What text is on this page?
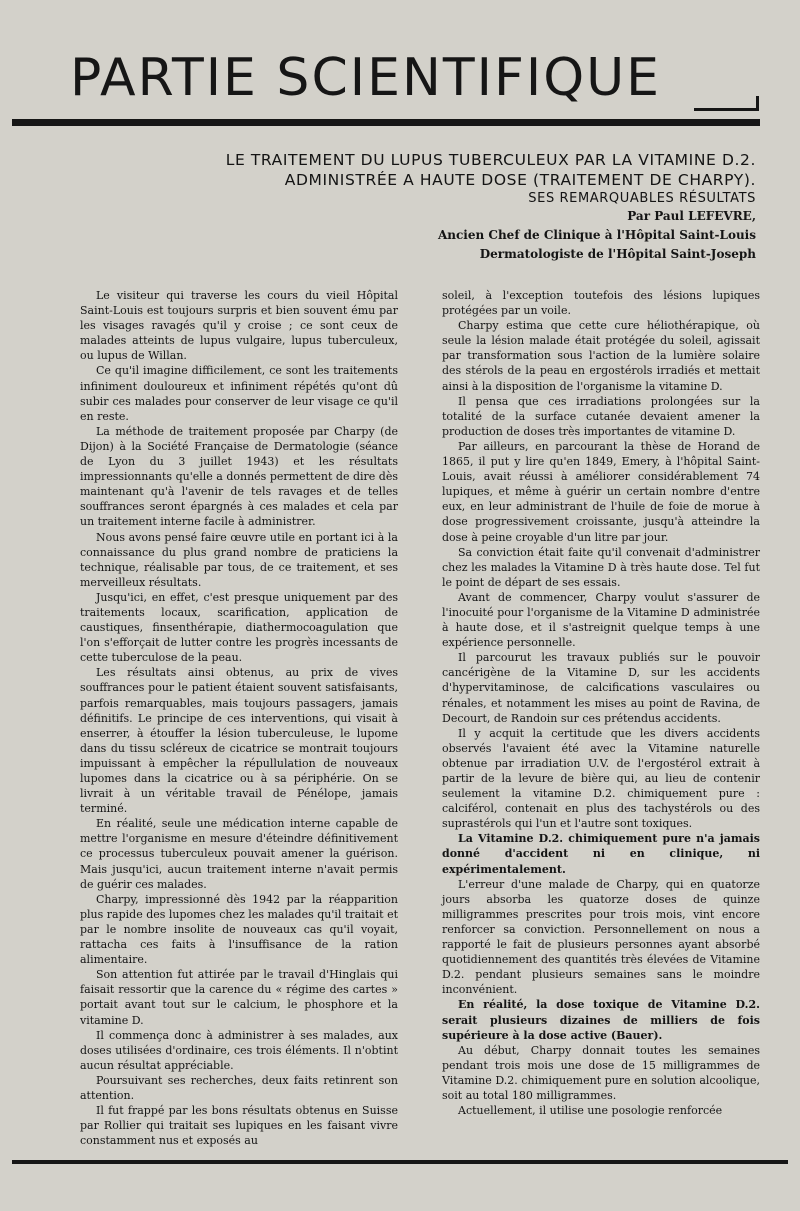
PARTIE SCIENTIFIQUE
LE TRAITEMENT DU LUPUS TUBERCULEUX PAR LA VITAMINE D.2.
ADMINISTRÉE A HAUTE DOSE (TRAITEMENT DE CHARPY).
SES REMARQUABLES RÉSULTATS
Par Paul LEFEVRE,
Ancien Chef de Clinique à l'Hôpital Saint-Louis
Dermatologiste de l'Hôpital Saint-Joseph

Le visiteur qui traverse les cours du vieil Hôpital Saint-Louis est toujours surpris et bien souvent ému par les visages ravagés qu'il y croise ; ce sont ceux de malades atteints de lupus vulgaire, lupus tuberculeux, ou lupus de Willan.

Ce qu'il imagine difficilement, ce sont les traitements infiniment douloureux et infiniment répétés qu'ont dû subir ces malades pour conserver de leur visage ce qu'il en reste.

La méthode de traitement proposée par Charpy (de Dijon) à la Société Française de Dermatologie (séance de Lyon du 3 juillet 1943) et les résultats impressionnants qu'elle a donnés permettent de dire dès maintenant qu'à l'avenir de tels ravages et de telles souffrances seront épargnés à ces malades et cela par un traitement interne facile à administrer.

Nous avons pensé faire œuvre utile en portant ici à la connaissance du plus grand nombre de praticiens la technique, réalisable par tous, de ce traitement, et ses merveilleux résultats.

Jusqu'ici, en effet, c'est presque uniquement par des traitements locaux, scarification, application de caustiques, finsenthérapie, diathermocoagulation que l'on s'efforçait de lutter contre les progrès incessants de cette tuberculose de la peau.

Les résultats ainsi obtenus, au prix de vives souffrances pour le patient étaient souvent satisfaisants, parfois remarquables, mais toujours passagers, jamais définitifs. Le principe de ces interventions, qui visait à enserrer, à étouffer la lésion tuberculeuse, le lupome dans du tissu scléreux de cicatrice se montrait toujours impuissant à empêcher la répullulation de nouveaux lupomes dans la cicatrice ou à sa périphérie. On se livrait à un véritable travail de Pénélope, jamais terminé.

En réalité, seule une médication interne capable de mettre l'organisme en mesure d'éteindre définitivement ce processus tuberculeux pouvait amener la guérison. Mais jusqu'ici, aucun traitement interne n'avait permis de guérir ces malades.

Charpy, impressionné dès 1942 par la réapparition plus rapide des lupomes chez les malades qu'il traitait et par le nombre insolite de nouveaux cas qu'il voyait, rattacha ces faits à l'insuffisance de la ration alimentaire.

Son attention fut attirée par le travail d'Hinglais qui faisait ressortir que la carence du « régime des cartes » portait avant tout sur le calcium, le phosphore et la vitamine D.

Il commença donc à administrer à ses malades, aux doses utilisées d'ordinaire, ces trois éléments. Il n'obtint aucun résultat appréciable.

Poursuivant ses recherches, deux faits retinrent son attention.

Il fut frappé par les bons résultats obtenus en Suisse par Rollier qui traitait ses lupiques en les faisant vivre constamment nus et exposés au

soleil, à l'exception toutefois des lésions lupiques protégées par un voile.

Charpy estima que cette cure héliothérapique, où seule la lésion malade était protégée du soleil, agissait par transformation sous l'action de la lumière solaire des stérols de la peau en ergostérols irradiés et mettait ainsi à la disposition de l'organisme la vitamine D.

Il pensa que ces irradiations prolongées sur la totalité de la surface cutanée devaient amener la production de doses très importantes de vitamine D.

Par ailleurs, en parcourant la thèse de Horand de 1865, il put y lire qu'en 1849, Emery, à l'hôpital Saint-Louis, avait réussi à améliorer considérablement 74 lupiques, et même à guérir un certain nombre d'entre eux, en leur administrant de l'huile de foie de morue à dose progressivement croissante, jusqu'à atteindre la dose à peine croyable d'un litre par jour.

Sa conviction était faite qu'il convenait d'administrer chez les malades la Vitamine D à très haute dose. Tel fut le point de départ de ses essais.

Avant de commencer, Charpy voulut s'assurer de l'inocuité pour l'organisme de la Vitamine D administrée à haute dose, et il s'astreignit quelque temps à une expérience personnelle.

Il parcourut les travaux publiés sur le pouvoir cancérigène de la Vitamine D, sur les accidents d'hypervitaminose, de calcifications vasculaires ou rénales, et notamment les mises au point de Ravina, de Decourt, de Randoin sur ces prétendus accidents.

Il y acquit la certitude que les divers accidents observés l'avaient été avec la Vitamine naturelle obtenue par irradiation U.V. de l'ergostérol extrait à partir de la levure de bière qui, au lieu de contenir seulement la vitamine D.2. chimiquement pure : calciférol, contenait en plus des tachystérols ou des suprastérols qui l'un et l'autre sont toxiques.

La Vitamine D.2. chimiquement pure n'a jamais donné d'accident ni en clinique, ni expérimentalement.

L'erreur d'une malade de Charpy, qui en quatorze jours absorba les quatorze doses de quinze milligrammes prescrites pour trois mois, vint encore renforcer sa conviction. Personnellement on nous a rapporté le fait de plusieurs personnes ayant absorbé quotidiennement des quantités très élevées de Vitamine D.2. pendant plusieurs semaines sans le moindre inconvénient.

En réalité, la dose toxique de Vitamine D.2. serait plusieurs dizaines de milliers de fois supérieure à la dose active (Bauer).

Au début, Charpy donnait toutes les semaines pendant trois mois une dose de 15 milligrammes de Vitamine D.2. chimiquement pure en solution alcoolique, soit au total 180 milligrammes.

Actuellement, il utilise une posologie renforcée
